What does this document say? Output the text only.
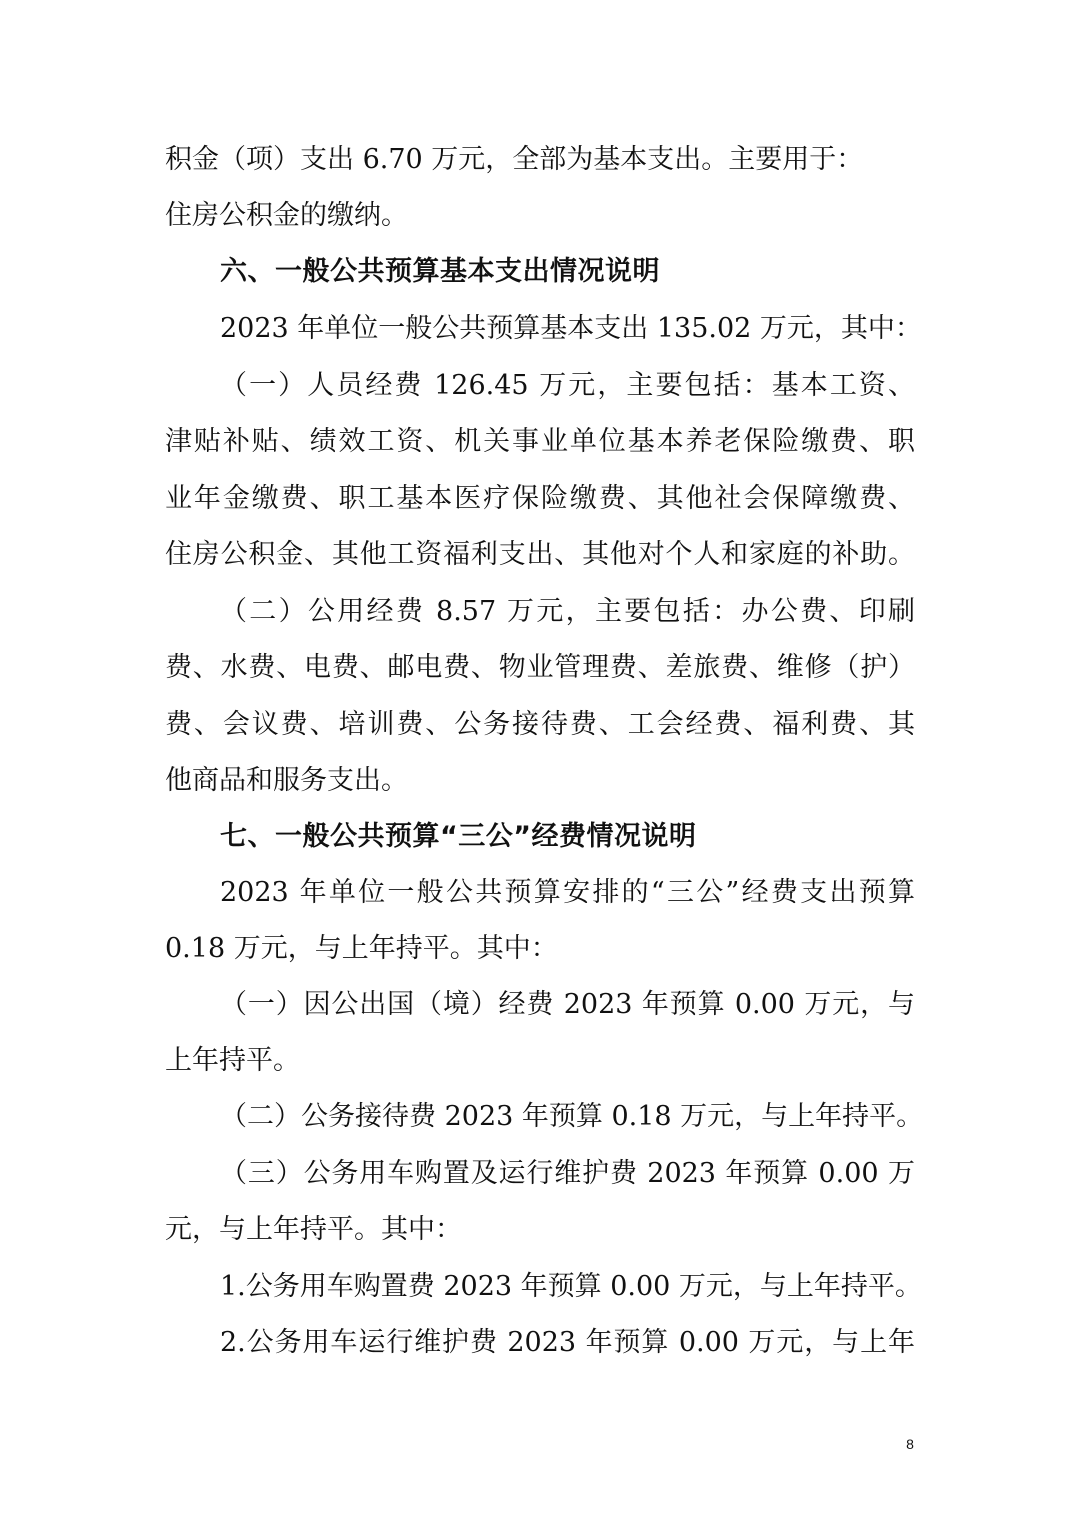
积金（项）支出 6.70 万元，全部为基本支出。主要用于：
住房公积金的缴纳。
六、一般公共预算基本支出情况说明
2023 年单位一般公共预算基本支出 135.02 万元，其中：
（一）人员经费 126.45 万元，主要包括：基本工资、
津贴补贴、绩效工资、机关事业单位基本养老保险缴费、职
业年金缴费、职工基本医疗保险缴费、其他社会保障缴费、
住房公积金、其他工资福利支出、其他对个人和家庭的补助。
（二）公用经费 8.57 万元，主要包括：办公费、印刷
费、水费、电费、邮电费、物业管理费、差旅费、维修（护）
费、会议费、培训费、公务接待费、工会经费、福利费、其
他商品和服务支出。
七、一般公共预算“三公”经费情况说明
2023 年单位一般公共预算安排的“三公”经费支出预算
0.18 万元，与上年持平。其中：
（一）因公出国（境）经费 2023 年预算 0.00 万元，与
上年持平。
（二）公务接待费 2023 年预算 0.18 万元，与上年持平。
（三）公务用车购置及运行维护费 2023 年预算 0.00 万
元，与上年持平。其中：
1.公务用车购置费 2023 年预算 0.00 万元，与上年持平。
2.公务用车运行维护费 2023 年预算 0.00 万元，与上年
8
